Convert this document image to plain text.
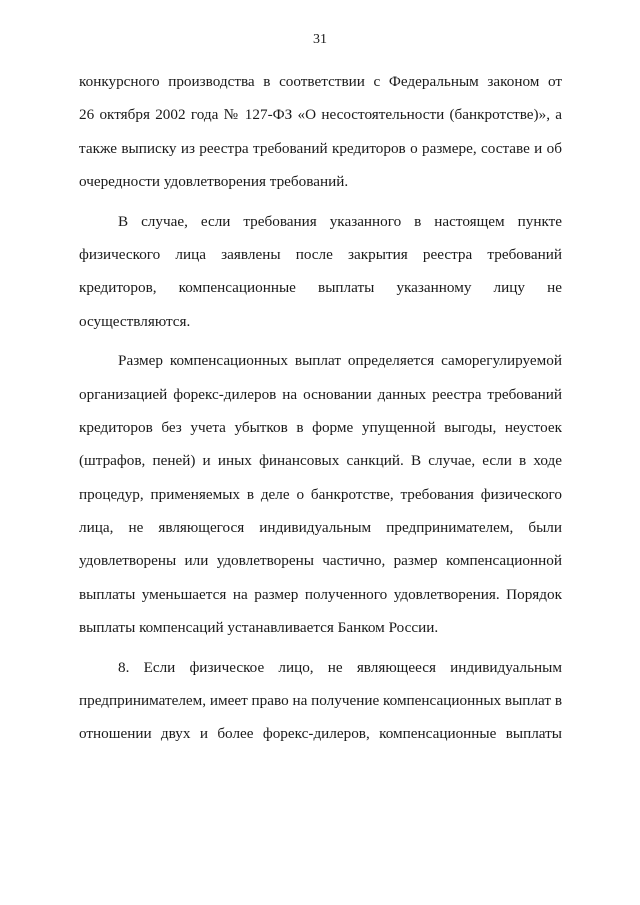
31
конкурсного производства в соответствии с Федеральным законом от
26 октября 2002 года № 127-ФЗ «О несостоятельности (банкротстве)», а
также выписку из реестра требований кредиторов о размере, составе и об
очередности удовлетворения требований.
В случае, если требования указанного в настоящем пункте
физического лица заявлены после закрытия реестра требований
кредиторов, компенсационные выплаты указанному лицу не
осуществляются.
Размер компенсационных выплат определяется саморегулируемой
организацией форекс-дилеров на основании данных реестра требований
кредиторов без учета убытков в форме упущенной выгоды, неустоек
(штрафов, пеней) и иных финансовых санкций. В случае, если в ходе
процедур, применяемых в деле о банкротстве, требования физического
лица, не являющегося индивидуальным предпринимателем, были
удовлетворены или удовлетворены частично, размер компенсационной
выплаты уменьшается на размер полученного удовлетворения. Порядок
выплаты компенсаций устанавливается Банком России.
8. Если физическое лицо, не являющееся индивидуальным
предпринимателем, имеет право на получение компенсационных выплат в
отношении двух и более форекс-дилеров, компенсационные выплаты
